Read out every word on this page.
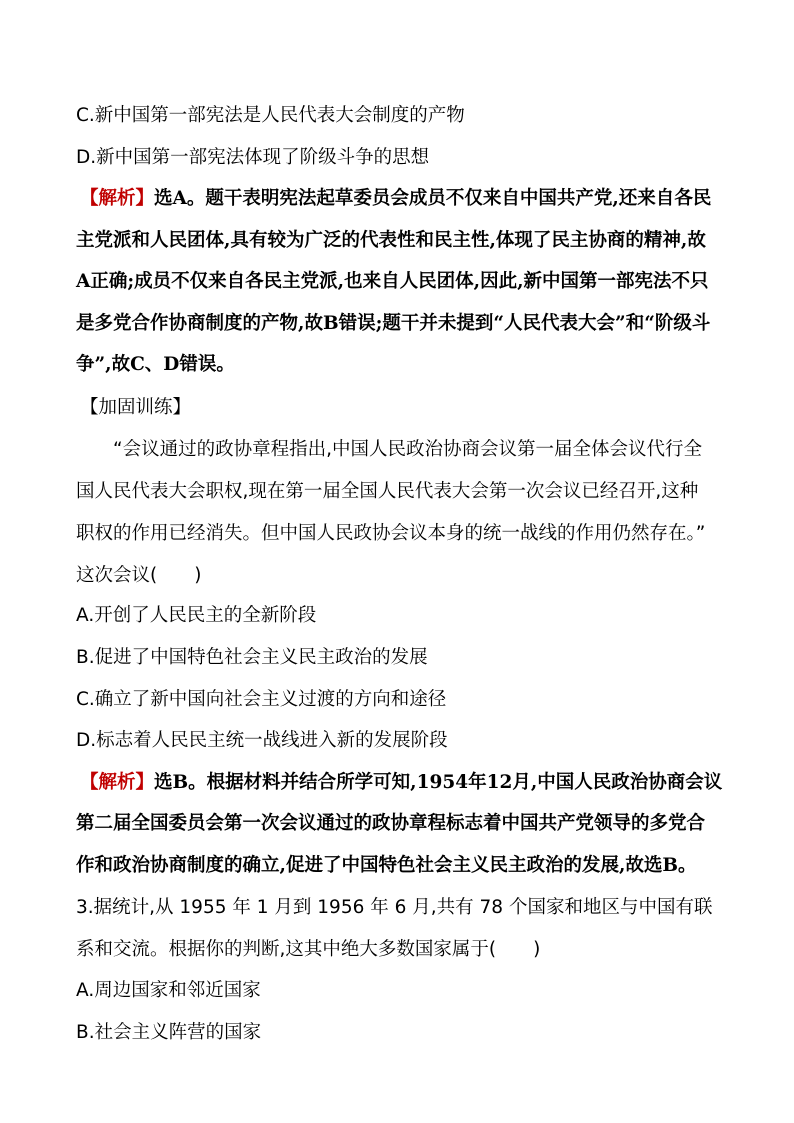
C.新中国第一部宪法是人民代表大会制度的产物
D.新中国第一部宪法体现了阶级斗争的思想
【解析】选A。题干表明宪法起草委员会成员不仅来自中国共产党,还来自各民
主党派和人民团体,具有较为广泛的代表性和民主性,体现了民主协商的精神,故
A正确;成员不仅来自各民主党派,也来自人民团体,因此,新中国第一部宪法不只
是多党合作协商制度的产物,故B错误;题干并未提到“人民代表大会”和“阶级斗
争”,故C、D错误。
【加固训练】
“会议通过的政协章程指出,中国人民政治协商会议第一届全体会议代行全
国人民代表大会职权,现在第一届全国人民代表大会第一次会议已经召开,这种
职权的作用已经消失。但中国人民政协会议本身的统一战线的作用仍然存在。”
这次会议(　　)
A.开创了人民民主的全新阶段
B.促进了中国特色社会主义民主政治的发展
C.确立了新中国向社会主义过渡的方向和途径
D.标志着人民民主统一战线进入新的发展阶段
【解析】选B。根据材料并结合所学可知,1954年12月,中国人民政治协商会议
第二届全国委员会第一次会议通过的政协章程标志着中国共产党领导的多党合
作和政治协商制度的确立,促进了中国特色社会主义民主政治的发展,故选B。
3.据统计,从 1955 年 1 月到 1956 年 6 月,共有 78 个国家和地区与中国有联
系和交流。根据你的判断,这其中绝大多数国家属于(　　)
A.周边国家和邻近国家
B.社会主义阵营的国家
